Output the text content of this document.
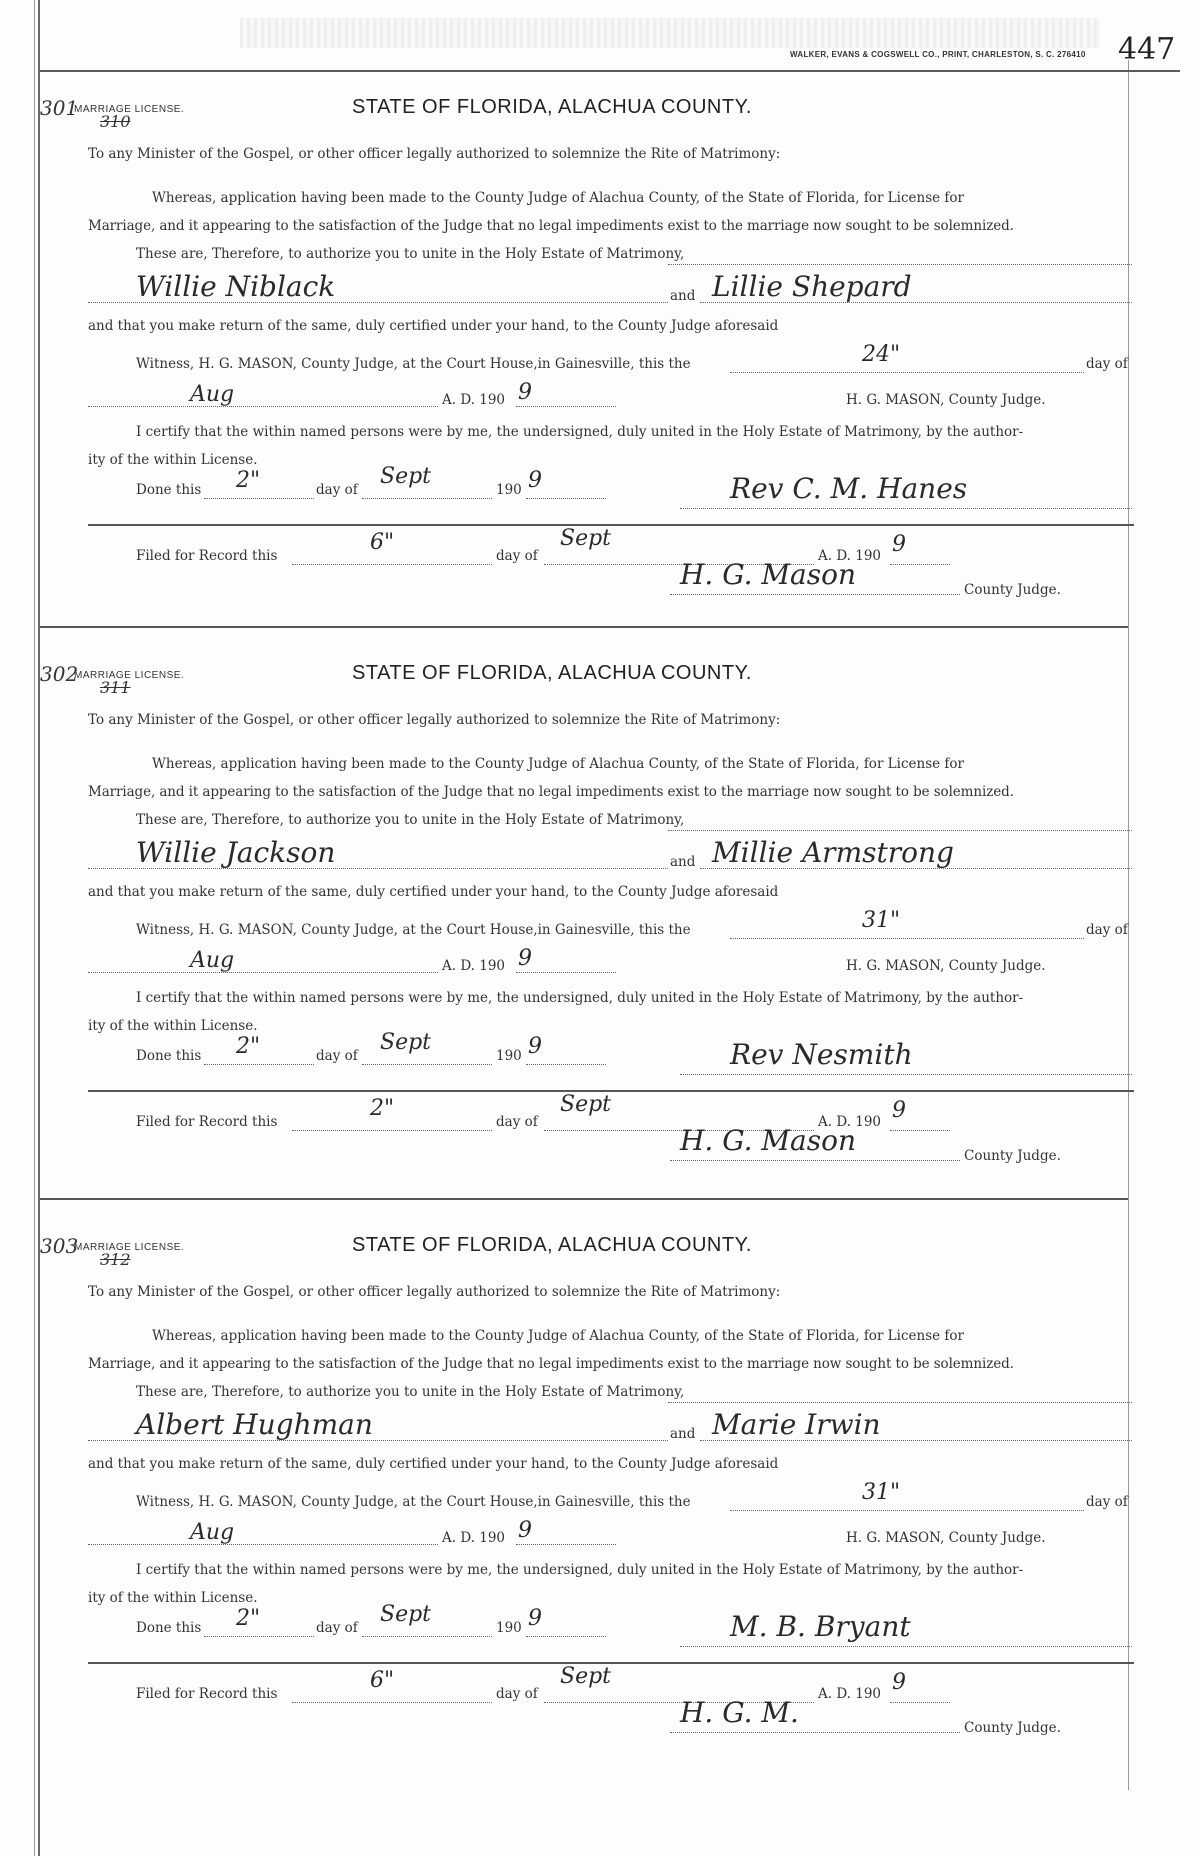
WALKER, EVANS & COGSWELL CO., PRINT, CHARLESTON, S. C. 276410 447
301
MARRIAGE LICENSE.
310
STATE OF FLORIDA, ALACHUA COUNTY.
To any Minister of the Gospel, or other officer legally authorized to solemnize the Rite of Matrimony:
Whereas, application having been made to the County Judge of Alachua County, of the State of Florida, for License for
Marriage, and it appearing to the satisfaction of the Judge that no legal impediments exist to the marriage now sought to be solemnized.
These are, Therefore, to authorize you to unite in the Holy Estate of Matrimony,
Willie Niblack	and Lillie Shepard
and that you make return of the same, duly certified under your hand, to the County Judge aforesaid
Witness, H. G. MASON, County Judge, at the Court House,in Gainesville, this the	24"	day of
Aug	A. D. 190 9	H. G. MASON, County Judge.
I certify that the within named persons were by me, the undersigned, duly united in the Holy Estate of Matrimony, by the author-
ity of the within License.
Done this 2"	day of
Sept
190 9	Rev C. M. Hanes
Filed for Record this
6"
day of
Sept
A. D. 190 9
H. G. Mason	County Judge.
302
MARRIAGE LICENSE.
311
STATE OF FLORIDA, ALACHUA COUNTY.
To any Minister of the Gospel, or other officer legally authorized to solemnize the Rite of Matrimony:
Whereas, application having been made to the County Judge of Alachua County, of the State of Florida, for License for
Marriage, and it appearing to the satisfaction of the Judge that no legal impediments exist to the marriage now sought to be solemnized.
These are, Therefore, to authorize you to unite in the Holy Estate of Matrimony,
Willie Jackson	and Millie Armstrong
and that you make return of the same, duly certified under your hand, to the County Judge aforesaid
Witness, H. G. MASON, County Judge, at the Court House,in Gainesville, this the	31"	day of
Aug	A. D. 190 9	H. G. MASON, County Judge.
I certify that the within named persons were by me, the undersigned, duly united in the Holy Estate of Matrimony, by the author-
ity of the within License.
Done this 2"	day of
Sept
190 9	Rev Nesmith
Filed for Record this
2"
day of
Sept
A. D. 190 9
H. G. Mason	County Judge.
303
MARRIAGE LICENSE.
312
STATE OF FLORIDA, ALACHUA COUNTY.
To any Minister of the Gospel, or other officer legally authorized to solemnize the Rite of Matrimony:
Whereas, application having been made to the County Judge of Alachua County, of the State of Florida, for License for
Marriage, and it appearing to the satisfaction of the Judge that no legal impediments exist to the marriage now sought to be solemnized.
These are, Therefore, to authorize you to unite in the Holy Estate of Matrimony,
Albert Hughman	and Marie Irwin
and that you make return of the same, duly certified under your hand, to the County Judge aforesaid
Witness, H. G. MASON, County Judge, at the Court House,in Gainesville, this the	31"	day of
Aug	A. D. 190 9	H. G. MASON, County Judge.
I certify that the within named persons were by me, the undersigned, duly united in the Holy Estate of Matrimony, by the author-
ity of the within License.
Done this 2"	day of
Sept
190 9	M. B. Bryant
Filed for Record this
6"
day of
Sept
A. D. 190 9
H. G. M.	County Judge.
